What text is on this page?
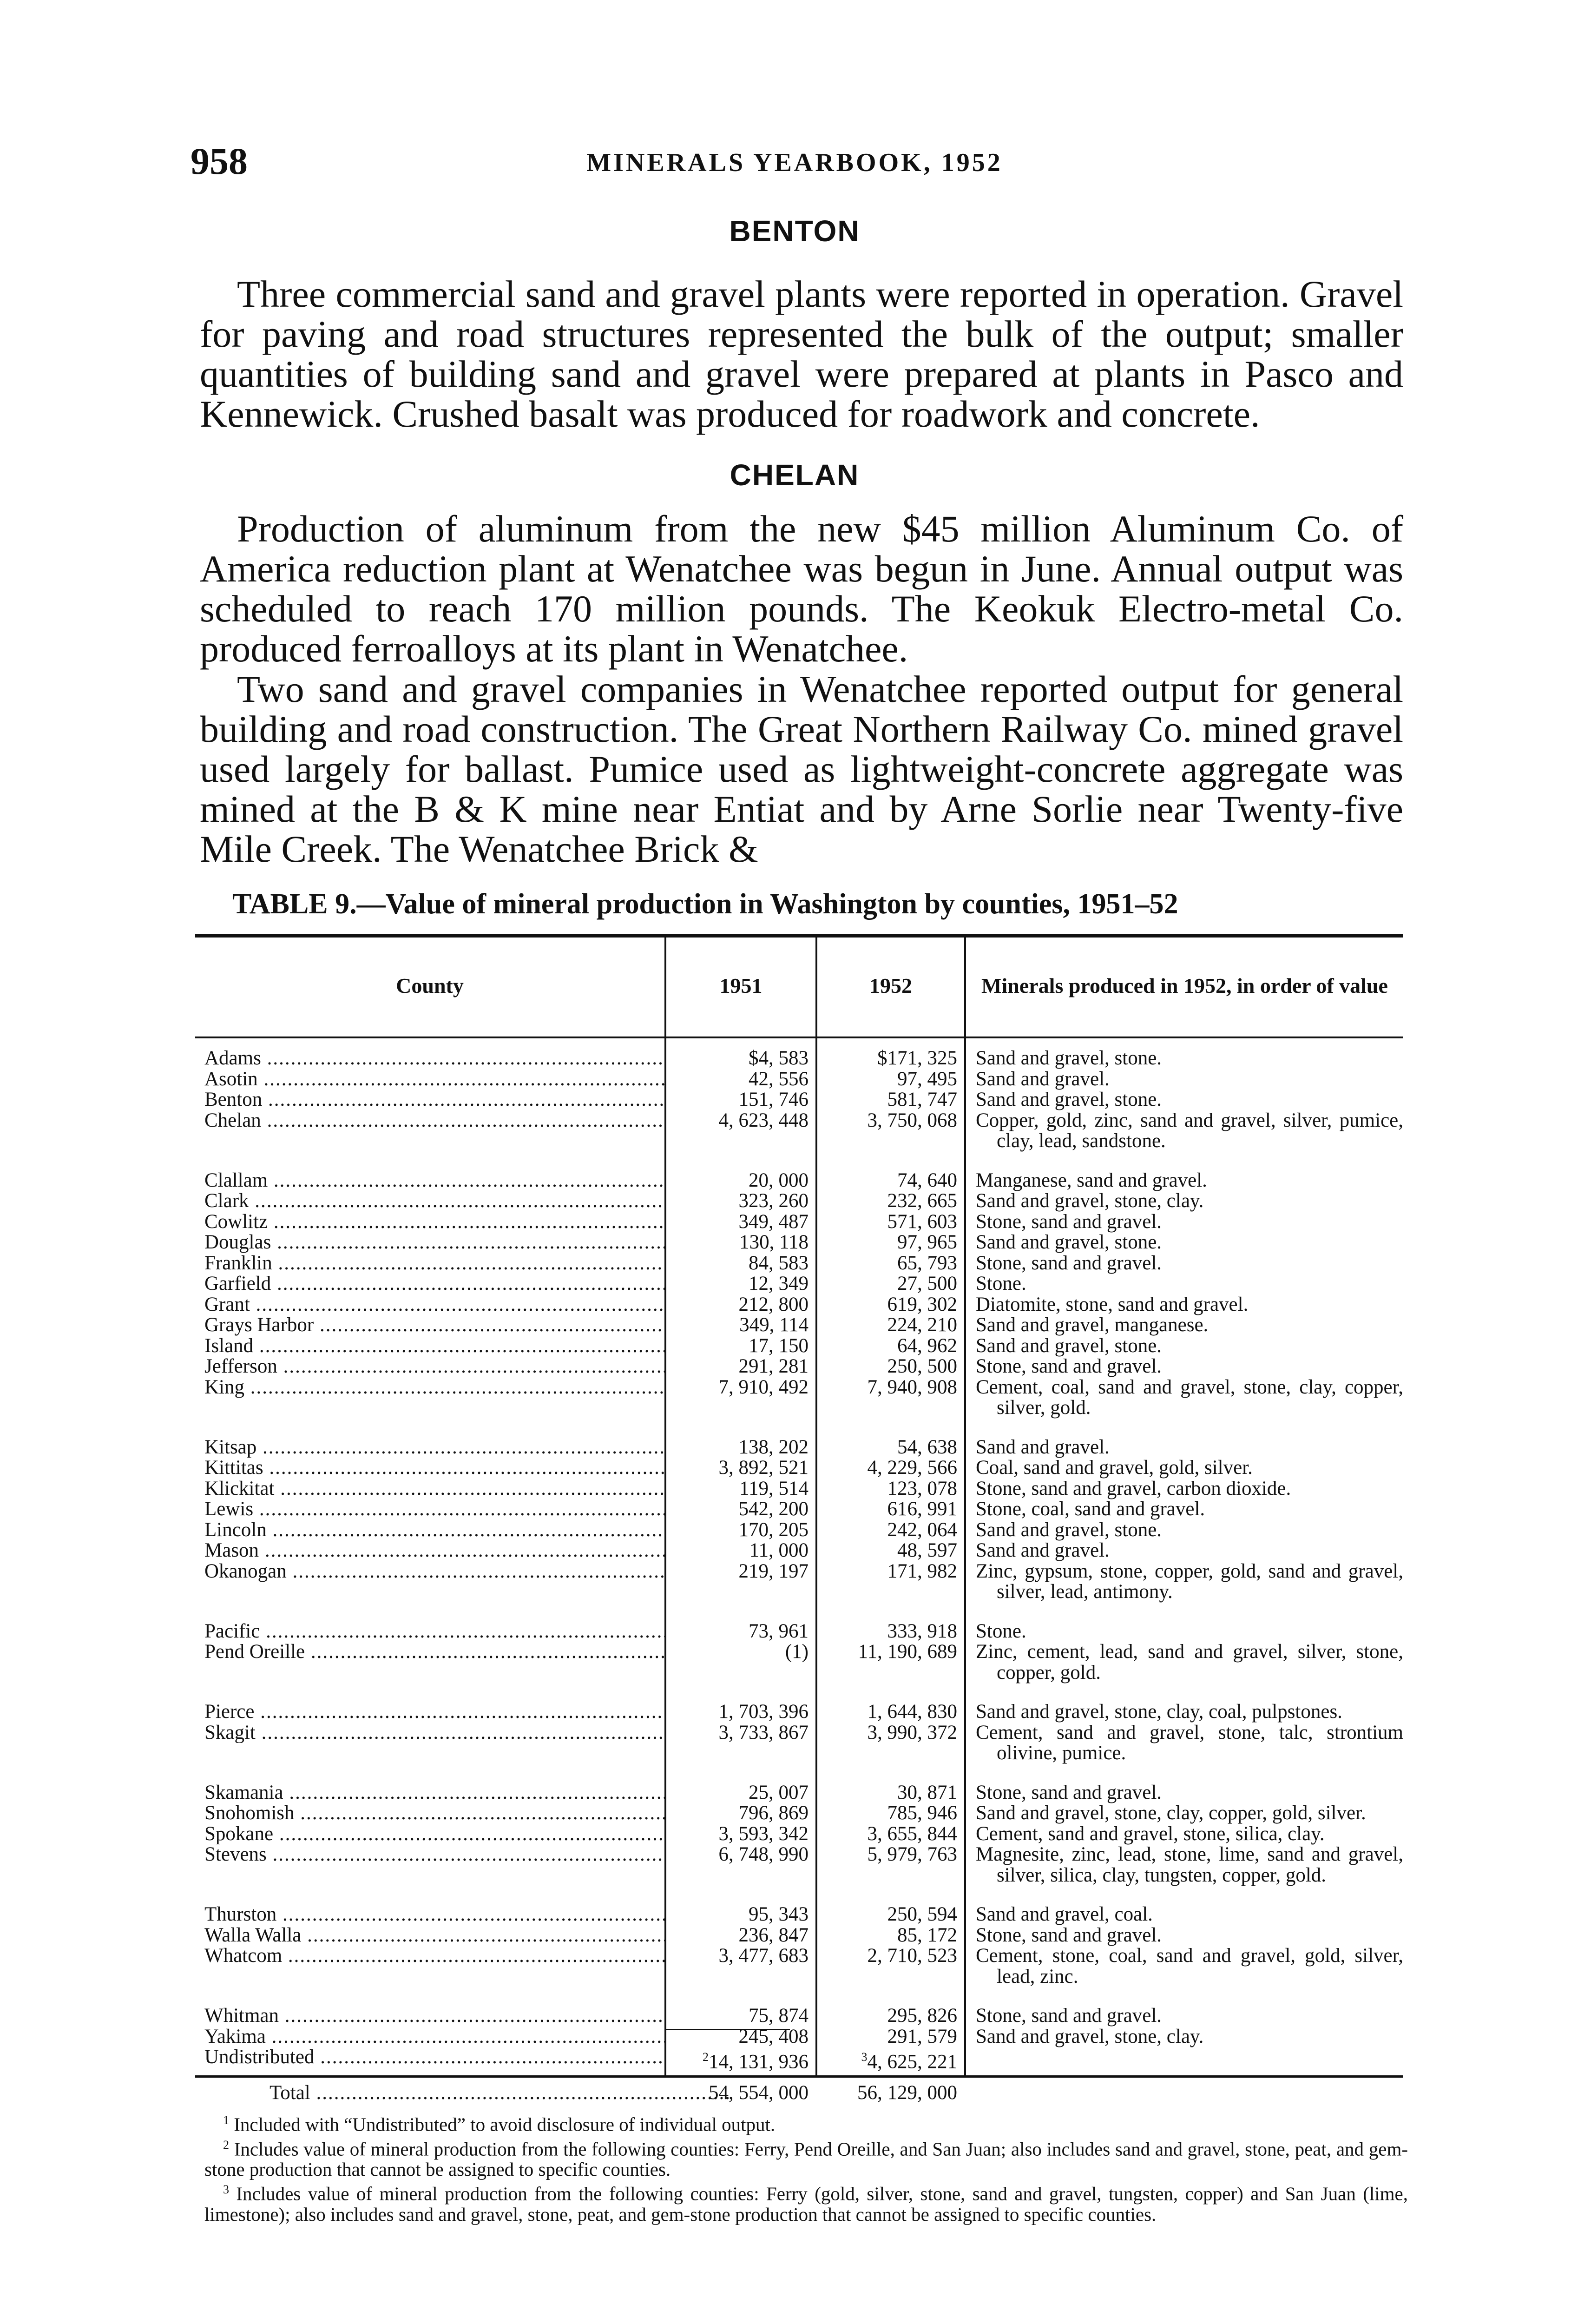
958	MINERALS YEARBOOK, 1952
BENTON

Three commercial sand and gravel plants were reported in operation. Gravel for paving and road structures represented the bulk of the output; smaller quantities of building sand and gravel were prepared at plants in Pasco and Kennewick. Crushed basalt was produced for roadwork and concrete.

CHELAN

Production of aluminum from the new $45 million Aluminum Co. of America reduction plant at Wenatchee was begun in June. Annual output was scheduled to reach 170 million pounds. The Keokuk Electro-metal Co. produced ferroalloys at its plant in Wenatchee.

Two sand and gravel companies in Wenatchee reported output for general building and road construction. The Great Northern Railway Co. mined gravel used largely for ballast. Pumice used as lightweight-concrete aggregate was mined at the B & K mine near Entiat and by Arne Sorlie near Twenty-five Mile Creek. The Wenatchee Brick &

TABLE 9.—Value of mineral production in Washington by counties, 1951–52
County	1951	1952	Minerals produced in 1952, in order of value
Adams .....	$4, 583	$171, 325 Sand and gravel, stone.
Asotin .....	42, 556	97, 495 Sand and gravel.
Benton .....	151, 746	581, 747 Sand and gravel, stone.
Chelan .....	4, 623, 448	3, 750, 068 Copper, gold, zinc, sand and gravel, silver, pumice, clay, lead, sandstone.
Clallam .....	20, 000	74, 640 Manganese, sand and gravel.
Clark .....	323, 260	232, 665 Sand and gravel, stone, clay.
Cowlitz .....	349, 487	571, 603 Stone, sand and gravel.
Douglas .....	130, 118	97, 965 Sand and gravel, stone.
Franklin .....	84, 583	65, 793 Stone, sand and gravel.
Garfield .....	12, 349	27, 500 Stone.
Grant .....	212, 800	619, 302 Diatomite, stone, sand and gravel.
Grays Harbor .....	349, 114	224, 210 Sand and gravel, manganese.
Island .....	17, 150	64, 962 Sand and gravel, stone.
Jefferson .....	291, 281	250, 500 Stone, sand and gravel.
King .....	7, 910, 492	7, 940, 908 Cement, coal, sand and gravel, stone, clay, copper, silver, gold.
Kitsap .....	138, 202	54, 638 Sand and gravel.
Kittitas .....	3, 892, 521	4, 229, 566 Coal, sand and gravel, gold, silver.
Klickitat .....	119, 514	123, 078 Stone, sand and gravel, carbon dioxide.
Lewis .....	542, 200	616, 991 Stone, coal, sand and gravel.
Lincoln .....	170, 205	242, 064 Sand and gravel, stone.
Mason .....	11, 000	48, 597 Sand and gravel.
Okanogan .....	219, 197	171, 982 Zinc, gypsum, stone, copper, gold, sand and gravel, silver, lead, antimony.
Pacific .....	73, 961	333, 918 Stone.
Pend Oreille .....	(1)	11, 190, 689 Zinc, cement, lead, sand and gravel, silver, stone, copper, gold.
Pierce .....	1, 703, 396	1, 644, 830 Sand and gravel, stone, clay, coal, pulpstones.
Skagit .....	3, 733, 867	3, 990, 372 Cement, sand and gravel, stone, talc, strontium olivine, pumice.
Skamania .....	25, 007	30, 871 Stone, sand and gravel.
Snohomish .....	796, 869	785, 946 Sand and gravel, stone, clay, copper, gold, silver.
Spokane .....	3, 593, 342	3, 655, 844 Cement, sand and gravel, stone, silica, clay.
Stevens .....	6, 748, 990	5, 979, 763 Magnesite, zinc, lead, stone, lime, sand and gravel, silver, silica, clay, tungsten, copper, gold.
Thurston .....	95, 343	250, 594 Sand and gravel, coal.
Walla Walla .....	236, 847	85, 172 Stone, sand and gravel.
Whatcom .....	3, 477, 683	2, 710, 523 Cement, stone, coal, sand and gravel, gold, silver, lead, zinc.
Whitman .....	75, 874	295, 826 Stone, sand and gravel.
Yakima .....	245, 408	291, 579 Sand and gravel, stone, clay.
Undistributed .....	$^2$14, 131, 936	$^3$4, 625, 221
Total .....	54, 554, 000	56, 129, 000

$^1$ Included with “Undistributed” to avoid disclosure of individual output.

$^2$ Includes value of mineral production from the following counties: Ferry, Pend Oreille, and San Juan; also includes sand and gravel, stone, peat, and gem-stone production that cannot be assigned to specific counties.

$^3$ Includes value of mineral production from the following counties: Ferry (gold, silver, stone, sand and gravel, tungsten, copper) and San Juan (lime, limestone); also includes sand and gravel, stone, peat, and gem-stone production that cannot be assigned to specific counties.
